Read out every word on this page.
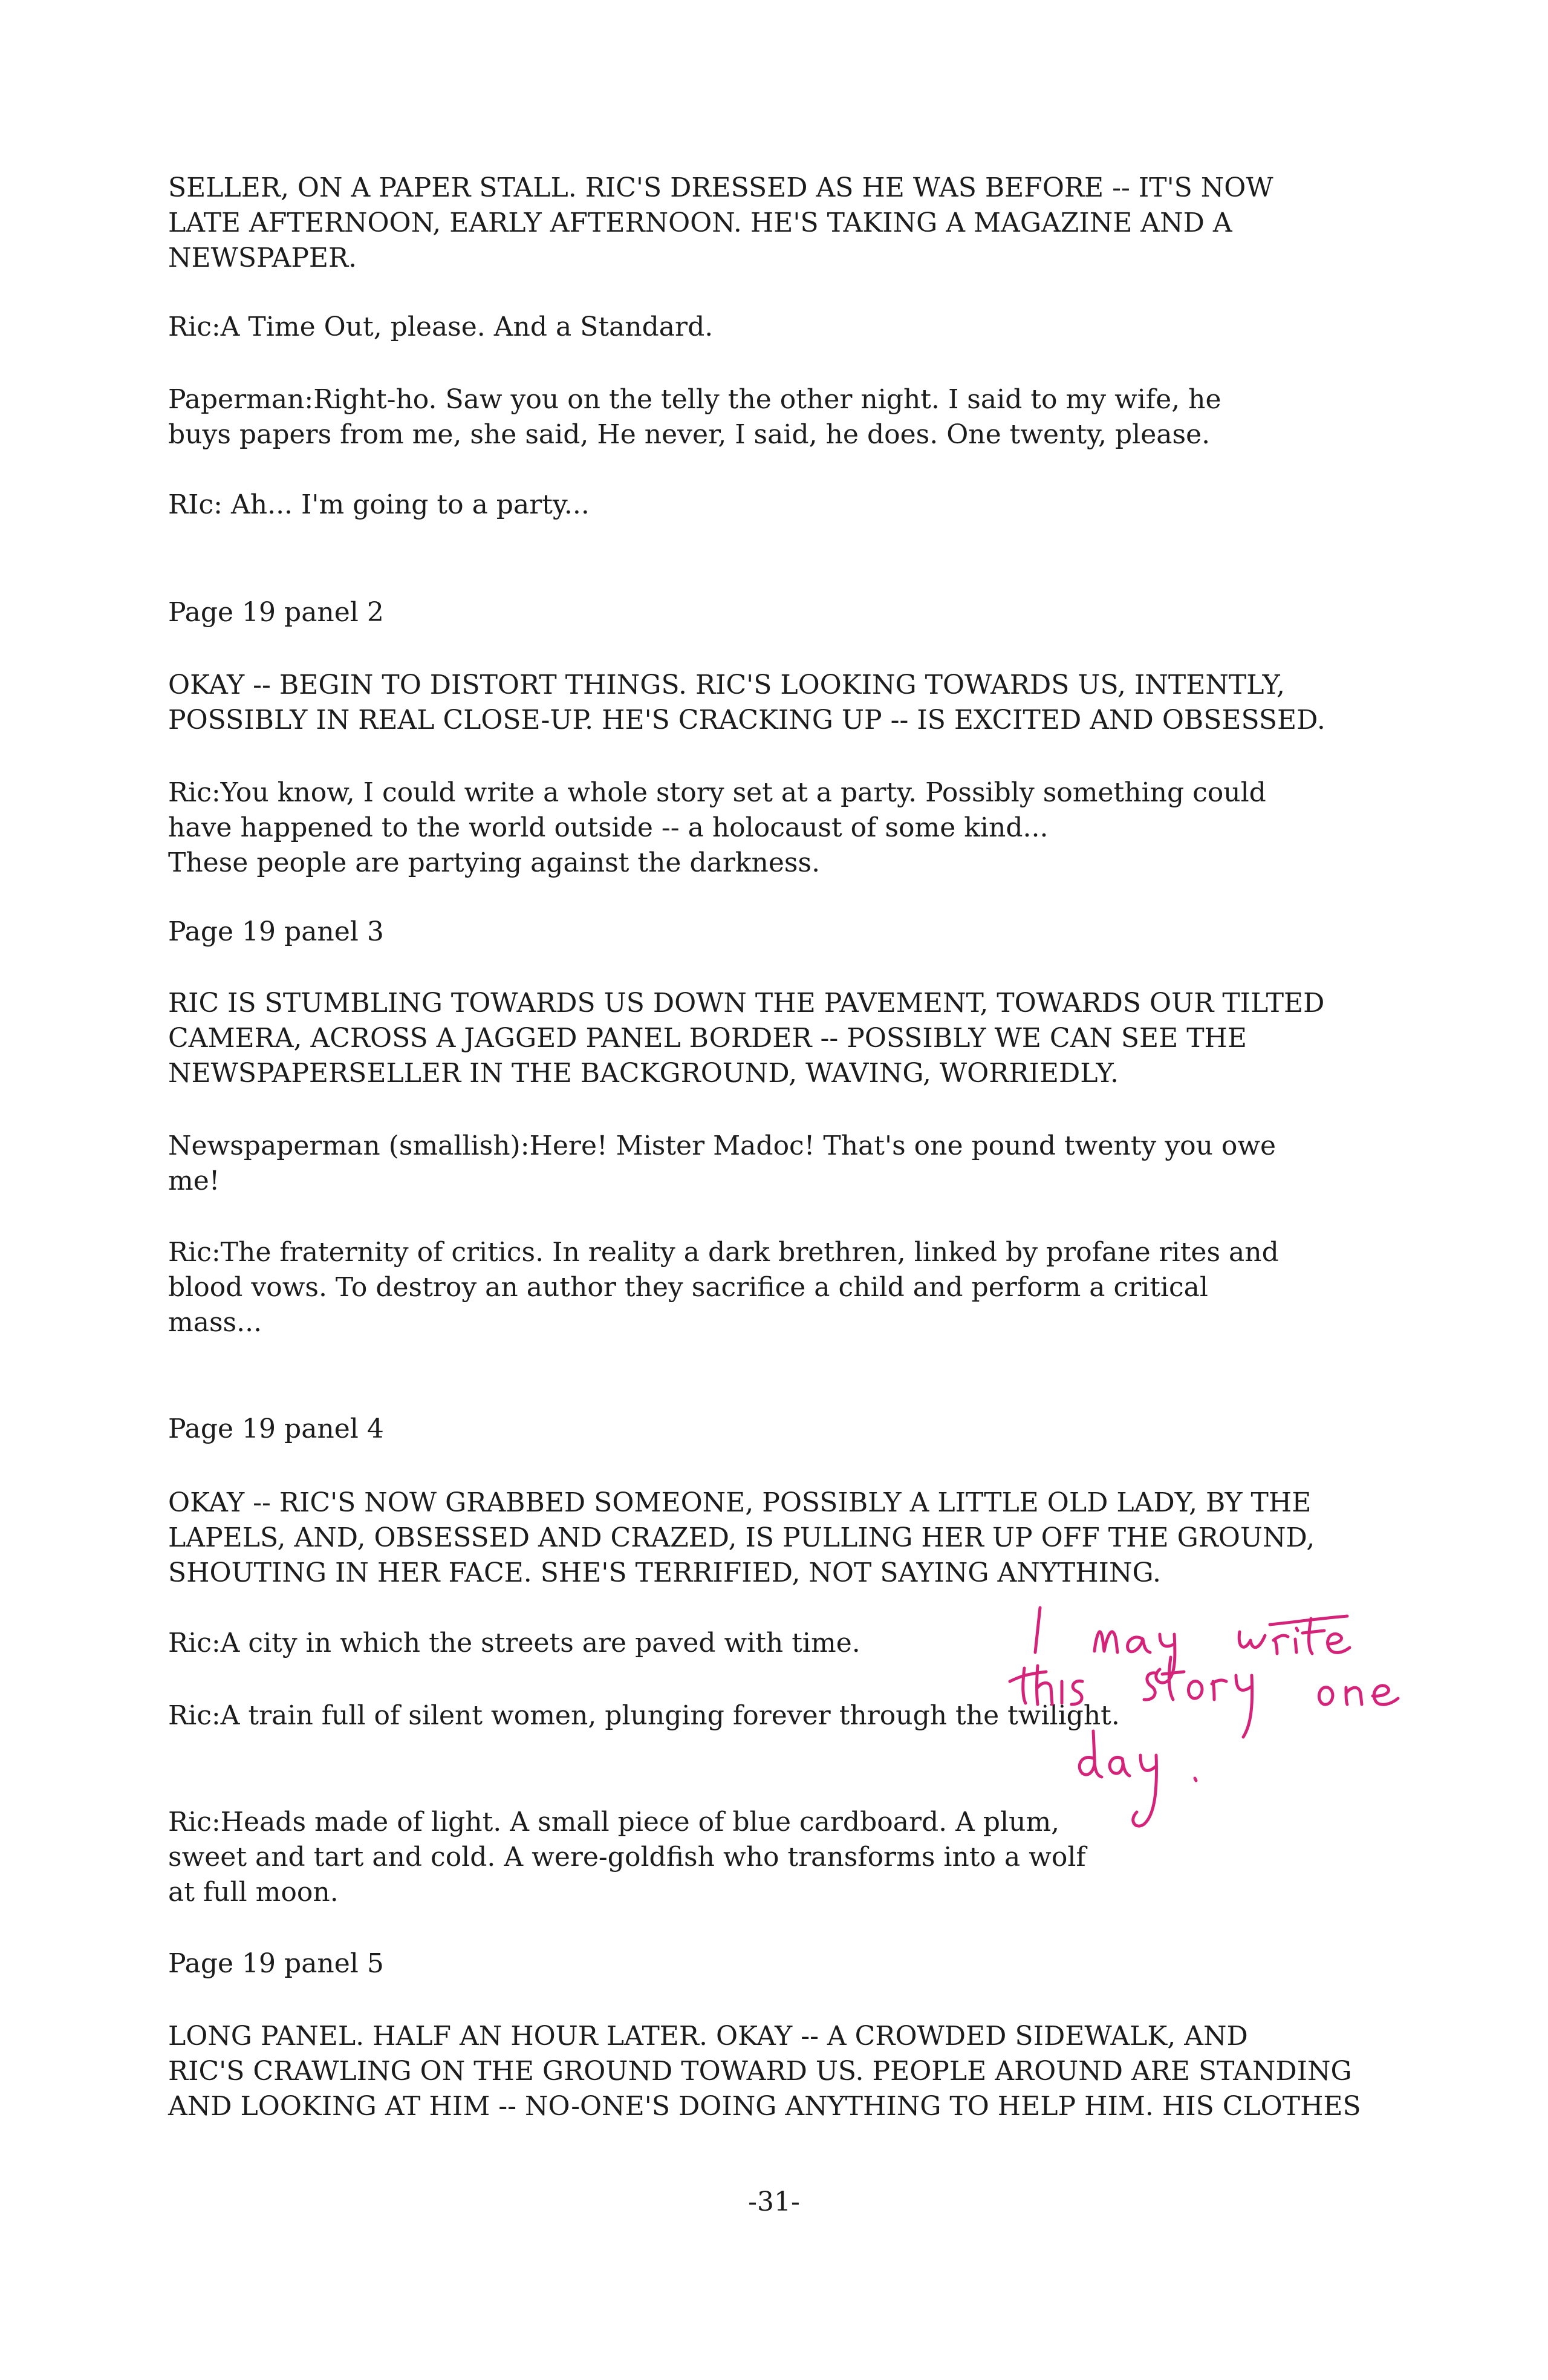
SELLER, ON A PAPER STALL. RIC'S DRESSED AS HE WAS BEFORE -- IT'S NOW
LATE AFTERNOON, EARLY AFTERNOON. HE'S TAKING A MAGAZINE AND A
NEWSPAPER.
Ric:A Time Out, please. And a Standard.
Paperman:Right-ho. Saw you on the telly the other night. I said to my wife, he
buys papers from me, she said, He never, I said, he does. One twenty, please.
RIc: Ah... I'm going to a party...
Page 19 panel 2
OKAY -- BEGIN TO DISTORT THINGS. RIC'S LOOKING TOWARDS US, INTENTLY,
POSSIBLY IN REAL CLOSE-UP. HE'S CRACKING UP -- IS EXCITED AND OBSESSED.
Ric:You know, I could write a whole story set at a party. Possibly something could
have happened to the world outside -- a holocaust of some kind...
These people are partying against the darkness.
Page 19 panel 3
RIC IS STUMBLING TOWARDS US DOWN THE PAVEMENT, TOWARDS OUR TILTED
CAMERA, ACROSS A JAGGED PANEL BORDER -- POSSIBLY WE CAN SEE THE
NEWSPAPERSELLER IN THE BACKGROUND, WAVING, WORRIEDLY.
Newspaperman (smallish):Here! Mister Madoc! That's one pound twenty you owe
me!
Ric:The fraternity of critics. In reality a dark brethren, linked by profane rites and
blood vows. To destroy an author they sacrifice a child and perform a critical
mass...
Page 19 panel 4
OKAY -- RIC'S NOW GRABBED SOMEONE, POSSIBLY A LITTLE OLD LADY, BY THE
LAPELS, AND, OBSESSED AND CRAZED, IS PULLING HER UP OFF THE GROUND,
SHOUTING IN HER FACE. SHE'S TERRIFIED, NOT SAYING ANYTHING.
Ric:A city in which the streets are paved with time.
Ric:A train full of silent women, plunging forever through the twilight.
Ric:Heads made of light. A small piece of blue cardboard. A plum,
sweet and tart and cold. A were-goldfish who transforms into a wolf
at full moon.
Page 19 panel 5
LONG PANEL. HALF AN HOUR LATER. OKAY -- A CROWDED SIDEWALK, AND
RIC'S CRAWLING ON THE GROUND TOWARD US. PEOPLE AROUND ARE STANDING
AND LOOKING AT HIM -- NO-ONE'S DOING ANYTHING TO HELP HIM. HIS CLOTHES
-31-
